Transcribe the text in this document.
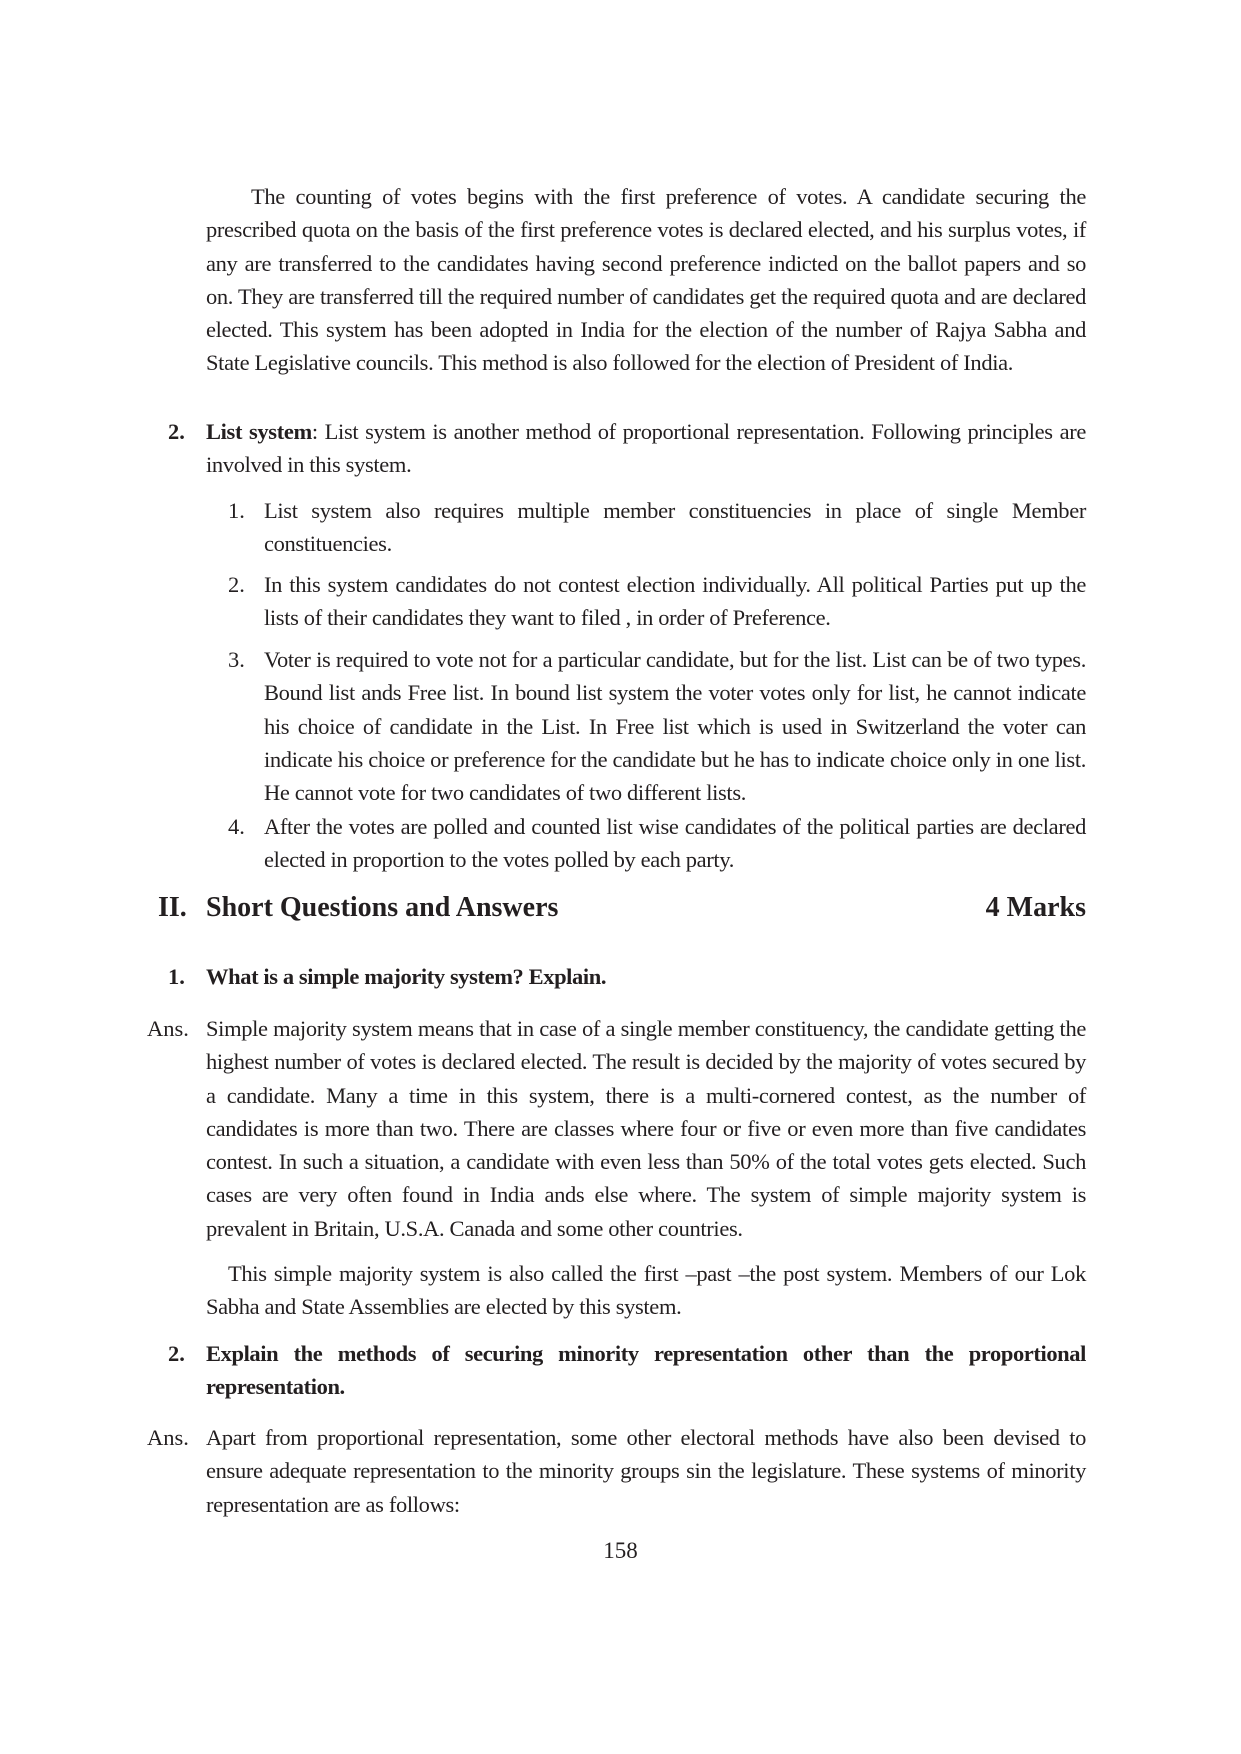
The counting of votes begins with the first preference of votes. A candidate securing the prescribed quota on the basis of the first preference votes is declared elected, and his surplus votes, if any are transferred to the candidates having second preference indicted on the ballot papers and so on. They are transferred till the required number of candidates get the required quota and are declared elected. This system has been adopted in India for the election of the number of Rajya Sabha and State Legislative councils. This method is also followed for the election of President of India.
2. List system: List system is another method of proportional representation. Following principles are involved in this system.
1. List system also requires multiple member constituencies in place of single Member constituencies.
2. In this system candidates do not contest election individually. All political Parties put up the lists of their candidates they want to filed , in order of Preference.
3. Voter is required to vote not for a particular candidate, but for the list. List can be of two types. Bound list ands Free list. In bound list system the voter votes only for list, he cannot indicate his choice of candidate in the List. In Free list which is used in Switzerland the voter can indicate his choice or preference for the candidate but he has to indicate choice only in one list. He cannot vote for two candidates of two different lists.
4. After the votes are polled and counted list wise candidates of the political parties are declared elected in proportion to the votes polled by each party.
II. Short Questions and Answers	4 Marks
1. What is a simple majority system? Explain.
Ans. Simple majority system means that in case of a single member constituency, the candidate getting the highest number of votes is declared elected. The result is decided by the majority of votes secured by a candidate. Many a time in this system, there is a multi-cornered contest, as the number of candidates is more than two. There are classes where four or five or even more than five candidates contest. In such a situation, a candidate with even less than 50% of the total votes gets elected. Such cases are very often found in India ands else where. The system of simple majority system is prevalent in Britain, U.S.A. Canada and some other countries.
This simple majority system is also called the first –past –the post system. Members of our Lok Sabha and State Assemblies are elected by this system.
2. Explain the methods of securing minority representation other than the proportional representation.
Ans. Apart from proportional representation, some other electoral methods have also been devised to ensure adequate representation to the minority groups sin the legislature. These systems of minority representation are as follows:
158
